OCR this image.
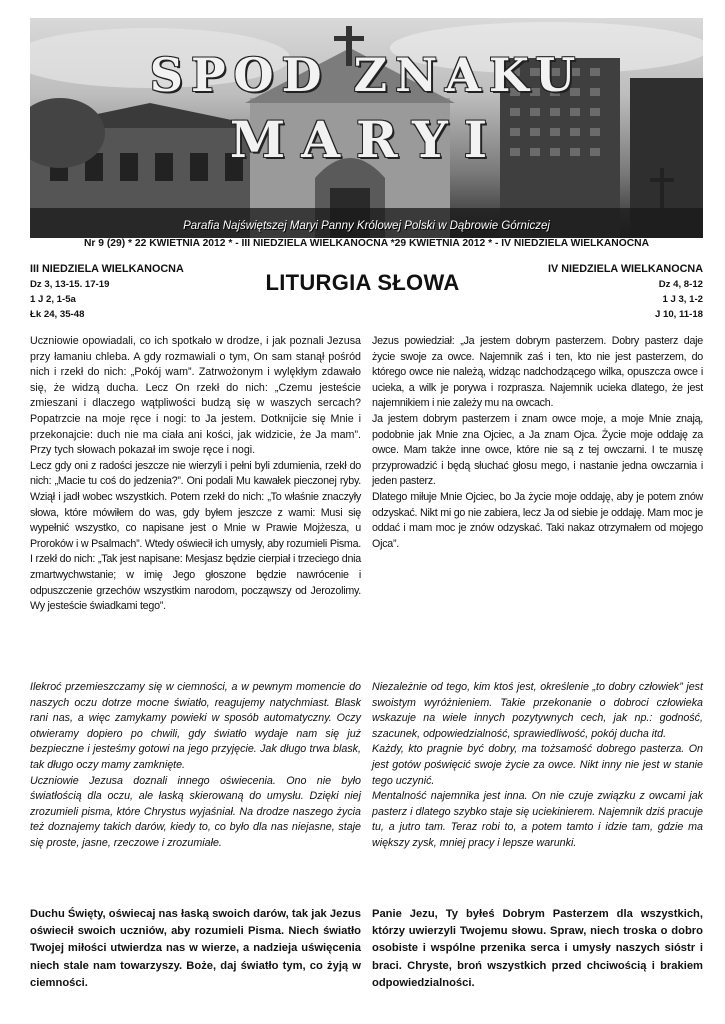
SPOD ZNAKU
MARYI
Parafia Najświętszej Maryi Panny Królowej Polski w Dąbrowie Górniczej
Nr 9 (29) * 22 KWIETNIA 2012 * - III NIEDZIELA WIELKANOCNA *29 KWIETNIA 2012 * - IV NIEDZIELA WIELKANOCNA
III NIEDZIELA WIELKANOCNA
Dz 3, 13-15. 17-19
1 J 2, 1-5a
Łk 24, 35-48
LITURGIA SŁOWA
IV NIEDZIELA WIELKANOCNA
Dz 4, 8-12
1 J 3, 1-2
J 10, 11-18

Uczniowie opowiadali, co ich spotkało w drodze, i jak poznali Jezusa przy łamaniu chleba. A gdy rozmawiali o tym, On sam stanął pośród nich i rzekł do nich: „Pokój wam”. Zatrwożonym i wylękłym zdawało się, że widzą ducha. Lecz On rzekł do nich: „Czemu jesteście zmieszani i dlaczego wątpliwości budzą się w waszych sercach? Popatrzcie na moje ręce i nogi: to Ja jestem. Dotknijcie się Mnie i przekonajcie: duch nie ma ciała ani kości, jak widzicie, że Ja mam”. Przy tych słowach pokazał im swoje ręce i nogi.

Lecz gdy oni z radości jeszcze nie wierzyli i pełni byli zdumienia, rzekł do nich: „Macie tu coś do jedzenia?”. Oni podali Mu kawałek pieczonej ryby. Wziął i jadł wobec wszystkich. Potem rzekł do nich: „To właśnie znaczyły słowa, które mówiłem do was, gdy byłem jeszcze z wami: Musi się wypełnić wszystko, co napisane jest o Mnie w Prawie Mojżesza, u Proroków i w Psalmach”. Wtedy oświecił ich umysły, aby rozumieli Pisma. I rzekł do nich: „Tak jest napisane: Mesjasz będzie cierpiał i trzeciego dnia zmartwychwstanie; w imię Jego głoszone będzie nawrócenie i odpuszczenie grzechów wszystkim narodom, począwszy od Jerozolimy. Wy jesteście świadkami tego”.

Jezus powiedział: „Ja jestem dobrym pasterzem. Dobry pasterz daje życie swoje za owce. Najemnik zaś i ten, kto nie jest pasterzem, do którego owce nie należą, widząc nadchodzącego wilka, opuszcza owce i ucieka, a wilk je porywa i rozprasza. Najemnik ucieka dlatego, że jest najemnikiem i nie zależy mu na owcach.

Ja jestem dobrym pasterzem i znam owce moje, a moje Mnie znają, podobnie jak Mnie zna Ojciec, a Ja znam Ojca. Życie moje oddaję za owce. Mam także inne owce, które nie są z tej owczarni. I te muszę przyprowadzić i będą słuchać głosu mego, i nastanie jedna owczarnia i jeden pasterz.

Dlatego miłuje Mnie Ojciec, bo Ja życie moje oddaję, aby je potem znów odzyskać. Nikt mi go nie zabiera, lecz Ja od siebie je oddaję. Mam moc je oddać i mam moc je znów odzyskać. Taki nakaz otrzymałem od mojego Ojca”.

Ilekroć przemieszczamy się w ciemności, a w pewnym momencie do naszych oczu dotrze mocne światło, reagujemy natychmiast. Blask rani nas, a więc zamykamy powieki w sposób automatyczny. Oczy otwieramy dopiero po chwili, gdy światło wydaje nam się już bezpieczne i jesteśmy gotowi na jego przyjęcie. Jak długo trwa blask, tak długo oczy mamy zamknięte.

Uczniowie Jezusa doznali innego oświecenia. Ono nie było światłością dla oczu, ale łaską skierowaną do umysłu. Dzięki niej zrozumieli pisma, które Chrystus wyjaśniał. Na drodze naszego życia też doznajemy takich darów, kiedy to, co było dla nas niejasne, staje się proste, jasne, rzeczowe i zrozumiałe.

Niezależnie od tego, kim ktoś jest, określenie „to dobry człowiek” jest swoistym wyróżnieniem. Takie przekonanie o dobroci człowieka wskazuje na wiele innych pozytywnych cech, jak np.: godność, szacunek, odpowiedzialność, sprawiedliwość, pokój ducha itd.

Każdy, kto pragnie być dobry, ma tożsamość dobrego pasterza. On jest gotów poświęcić swoje życie za owce. Nikt inny nie jest w stanie tego uczynić.

Mentalność najemnika jest inna. On nie czuje związku z owcami jak pasterz i dlatego szybko staje się uciekinierem. Najemnik dziś pracuje tu, a jutro tam. Teraz robi to, a potem tamto i idzie tam, gdzie ma większy zysk, mniej pracy i lepsze warunki.

Duchu Święty, oświecaj nas łaską swoich darów, tak jak Jezus oświecił swoich uczniów, aby rozumieli Pisma. Niech światło Twojej miłości utwierdza nas w wierze, a nadzieja uświęcenia niech stale nam towarzyszy. Boże, daj światło tym, co żyją w ciemności.

Panie Jezu, Ty byłeś Dobrym Pasterzem dla wszystkich, którzy uwierzyli Twojemu słowu. Spraw, niech troska o dobro osobiste i wspólne przenika serca i umysły naszych sióstr i braci. Chryste, broń wszystkich przed chciwością i brakiem odpowiedzialności.
